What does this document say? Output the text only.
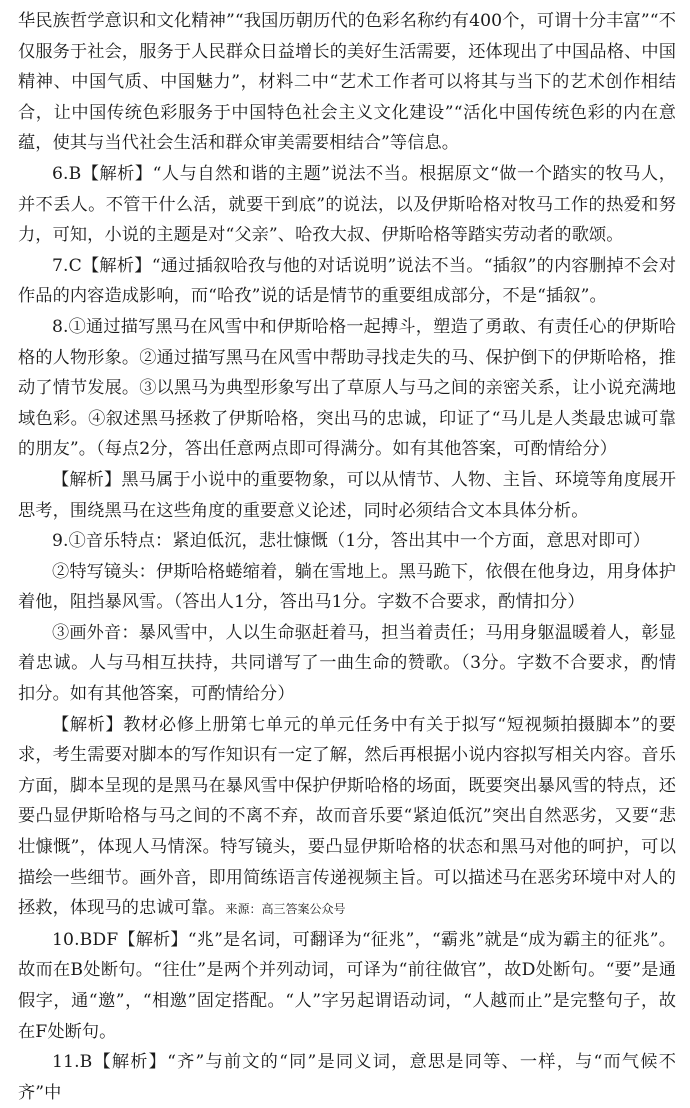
华民族哲学意识和文化精神”“我国历朝历代的色彩名称约有400个，可谓十分丰富”“不仅服务于社会，服务于人民群众日益增长的美好生活需要，还体现出了中国品格、中国精神、中国气质、中国魅力”，材料二中“艺术工作者可以将其与当下的艺术创作相结合，让中国传统色彩服务于中国特色社会主义文化建设”“活化中国传统色彩的内在意蕴，使其与当代社会生活和群众审美需要相结合”等信息。

6.B【解析】“人与自然和谐的主题”说法不当。根据原文“做一个踏实的牧马人，并不丢人。不管干什么活，就要干到底”的说法，以及伊斯哈格对牧马工作的热爱和努力，可知，小说的主题是对“父亲”、哈孜大叔、伊斯哈格等踏实劳动者的歌颂。

7.C【解析】“通过插叙哈孜与他的对话说明”说法不当。“插叙”的内容删掉不会对作品的内容造成影响，而“哈孜”说的话是情节的重要组成部分，不是“插叙”。

8.①通过描写黑马在风雪中和伊斯哈格一起搏斗，塑造了勇敢、有责任心的伊斯哈格的人物形象。②通过描写黑马在风雪中帮助寻找走失的马、保护倒下的伊斯哈格，推动了情节发展。③以黑马为典型形象写出了草原人与马之间的亲密关系，让小说充满地域色彩。④叙述黑马拯救了伊斯哈格，突出马的忠诚，印证了“马儿是人类最忠诚可靠的朋友”。（每点2分，答出任意两点即可得满分。如有其他答案，可酌情给分）

【解析】黑马属于小说中的重要物象，可以从情节、人物、主旨、环境等角度展开思考，围绕黑马在这些角度的重要意义论述，同时必须结合文本具体分析。

9.①音乐特点：紧迫低沉，悲壮慷慨（1分，答出其中一个方面，意思对即可）

②特写镜头：伊斯哈格蜷缩着，躺在雪地上。黑马跪下，依偎在他身边，用身体护着他，阻挡暴风雪。（答出人1分，答出马1分。字数不合要求，酌情扣分）

③画外音：暴风雪中，人以生命驱赶着马，担当着责任；马用身躯温暖着人，彰显着忠诚。人与马相互扶持，共同谱写了一曲生命的赞歌。（3分。字数不合要求，酌情扣分。如有其他答案，可酌情给分）

【解析】教材必修上册第七单元的单元任务中有关于拟写“短视频拍摄脚本”的要求，考生需要对脚本的写作知识有一定了解，然后再根据小说内容拟写相关内容。音乐方面，脚本呈现的是黑马在暴风雪中保护伊斯哈格的场面，既要突出暴风雪的特点，还要凸显伊斯哈格与马之间的不离不弃，故而音乐要“紧迫低沉”突出自然恶劣，又要“悲壮慷慨”，体现人马情深。特写镜头，要凸显伊斯哈格的状态和黑马对他的呵护，可以描绘一些细节。画外音，即用简练语言传递视频主旨。可以描述马在恶劣环境中对人的拯救，体现马的忠诚可靠。来源：高三答案公众号

10.BDF【解析】“兆”是名词，可翻译为“征兆”，“霸兆”就是“成为霸主的征兆”。故而在B处断句。“往仕”是两个并列动词，可译为“前往做官”，故D处断句。“要”是通假字，通“邀”，“相邀”固定搭配。“人”字另起谓语动词，“人越而止”是完整句子，故在F处断句。

11.B【解析】“齐”与前文的“同”是同义词，意思是同等、一样，与“而气候不齐”中
